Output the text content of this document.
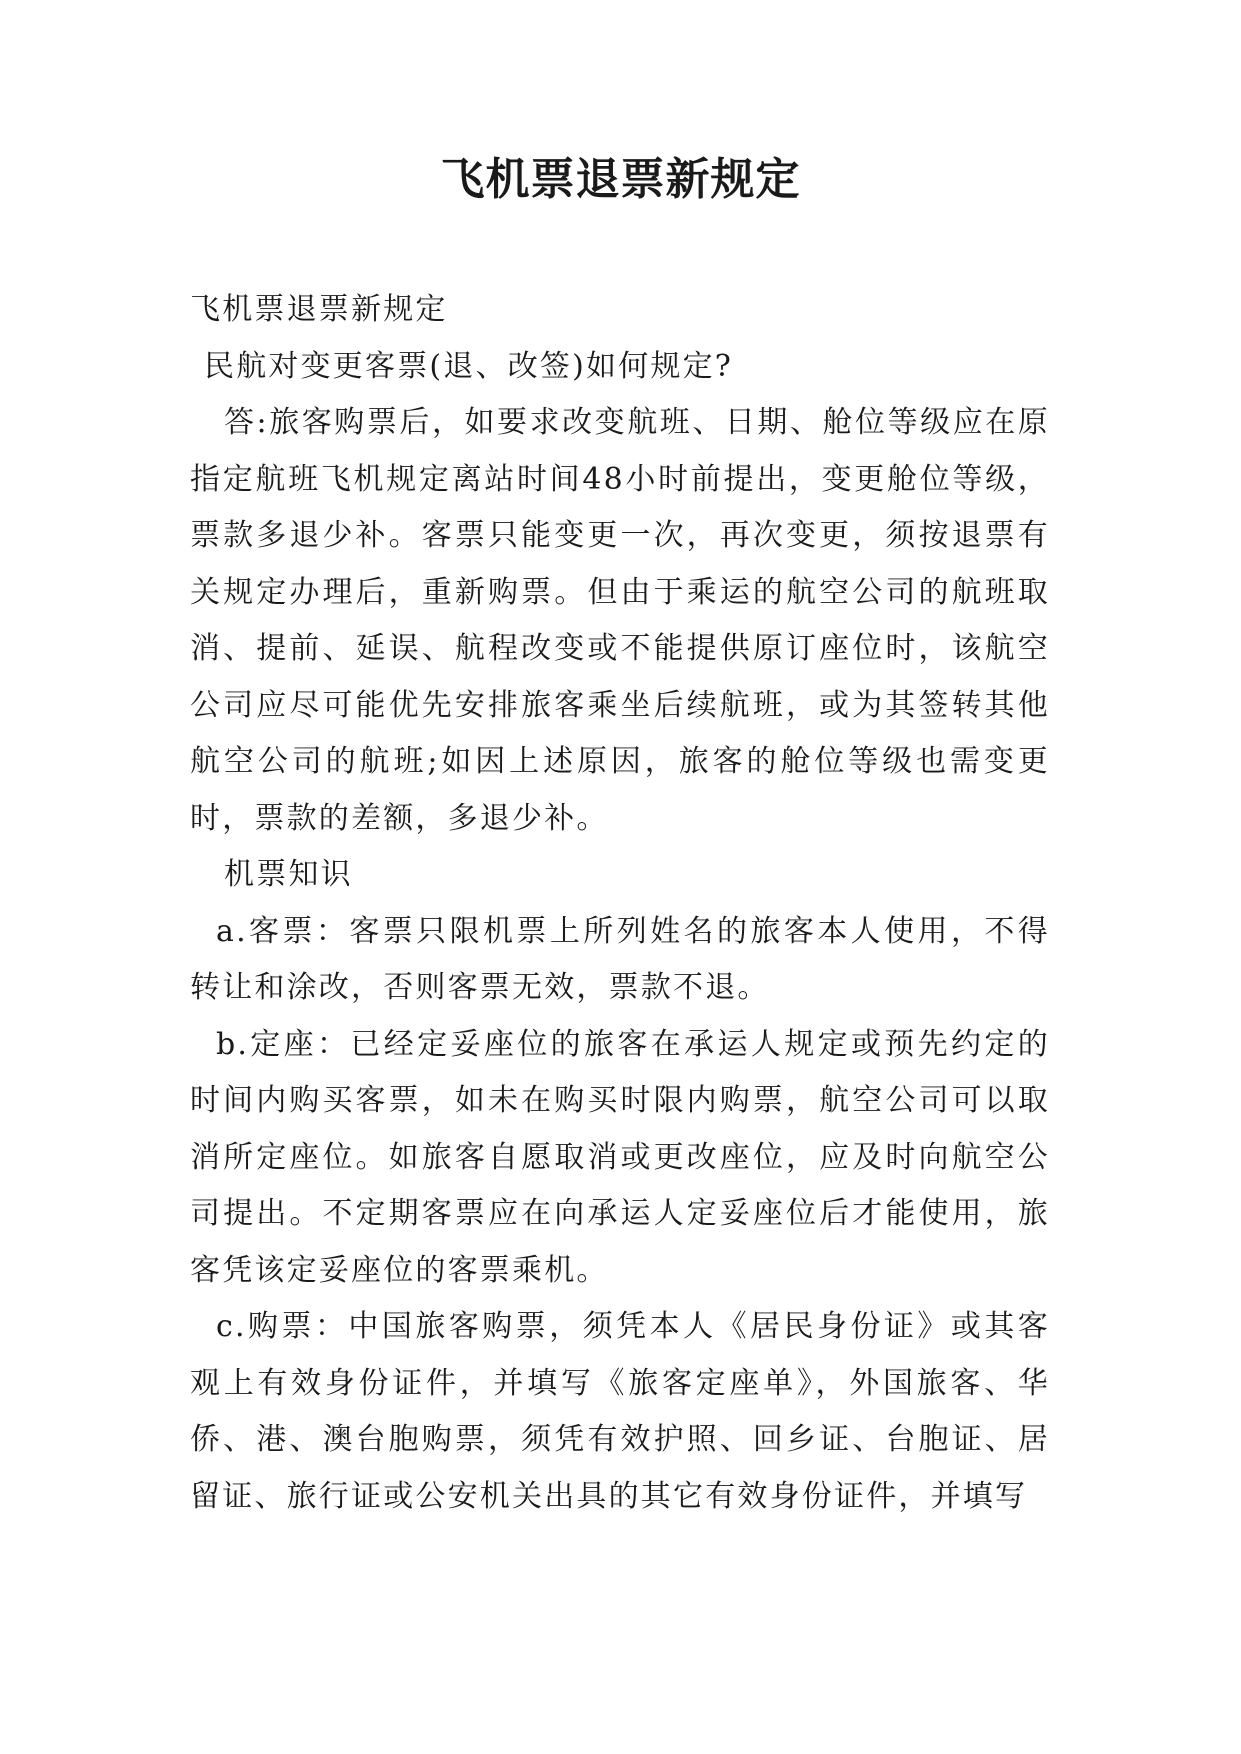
飞机票退票新规定

飞机票退票新规定

民航对变更客票(退、改签)如何规定?

答:旅客购票后，如要求改变航班、日期、舱位等级应在原指定航班飞机规定离站时间48小时前提出，变更舱位等级，票款多退少补。客票只能变更一次，再次变更，须按退票有关规定办理后，重新购票。但由于乘运的航空公司的航班取消、提前、延误、航程改变或不能提供原订座位时，该航空公司应尽可能优先安排旅客乘坐后续航班，或为其签转其他航空公司的航班;如因上述原因，旅客的舱位等级也需变更时，票款的差额，多退少补。

机票知识

a.客票：客票只限机票上所列姓名的旅客本人使用，不得转让和涂改，否则客票无效，票款不退。

b.定座：已经定妥座位的旅客在承运人规定或预先约定的时间内购买客票，如未在购买时限内购票，航空公司可以取消所定座位。如旅客自愿取消或更改座位，应及时向航空公司提出。不定期客票应在向承运人定妥座位后才能使用，旅客凭该定妥座位的客票乘机。

c.购票：中国旅客购票，须凭本人《居民身份证》或其客观上有效身份证件，并填写《旅客定座单》，外国旅客、华侨、港、澳台胞购票，须凭有效护照、回乡证、台胞证、居留证、旅行证或公安机关出具的其它有效身份证件，并填写
